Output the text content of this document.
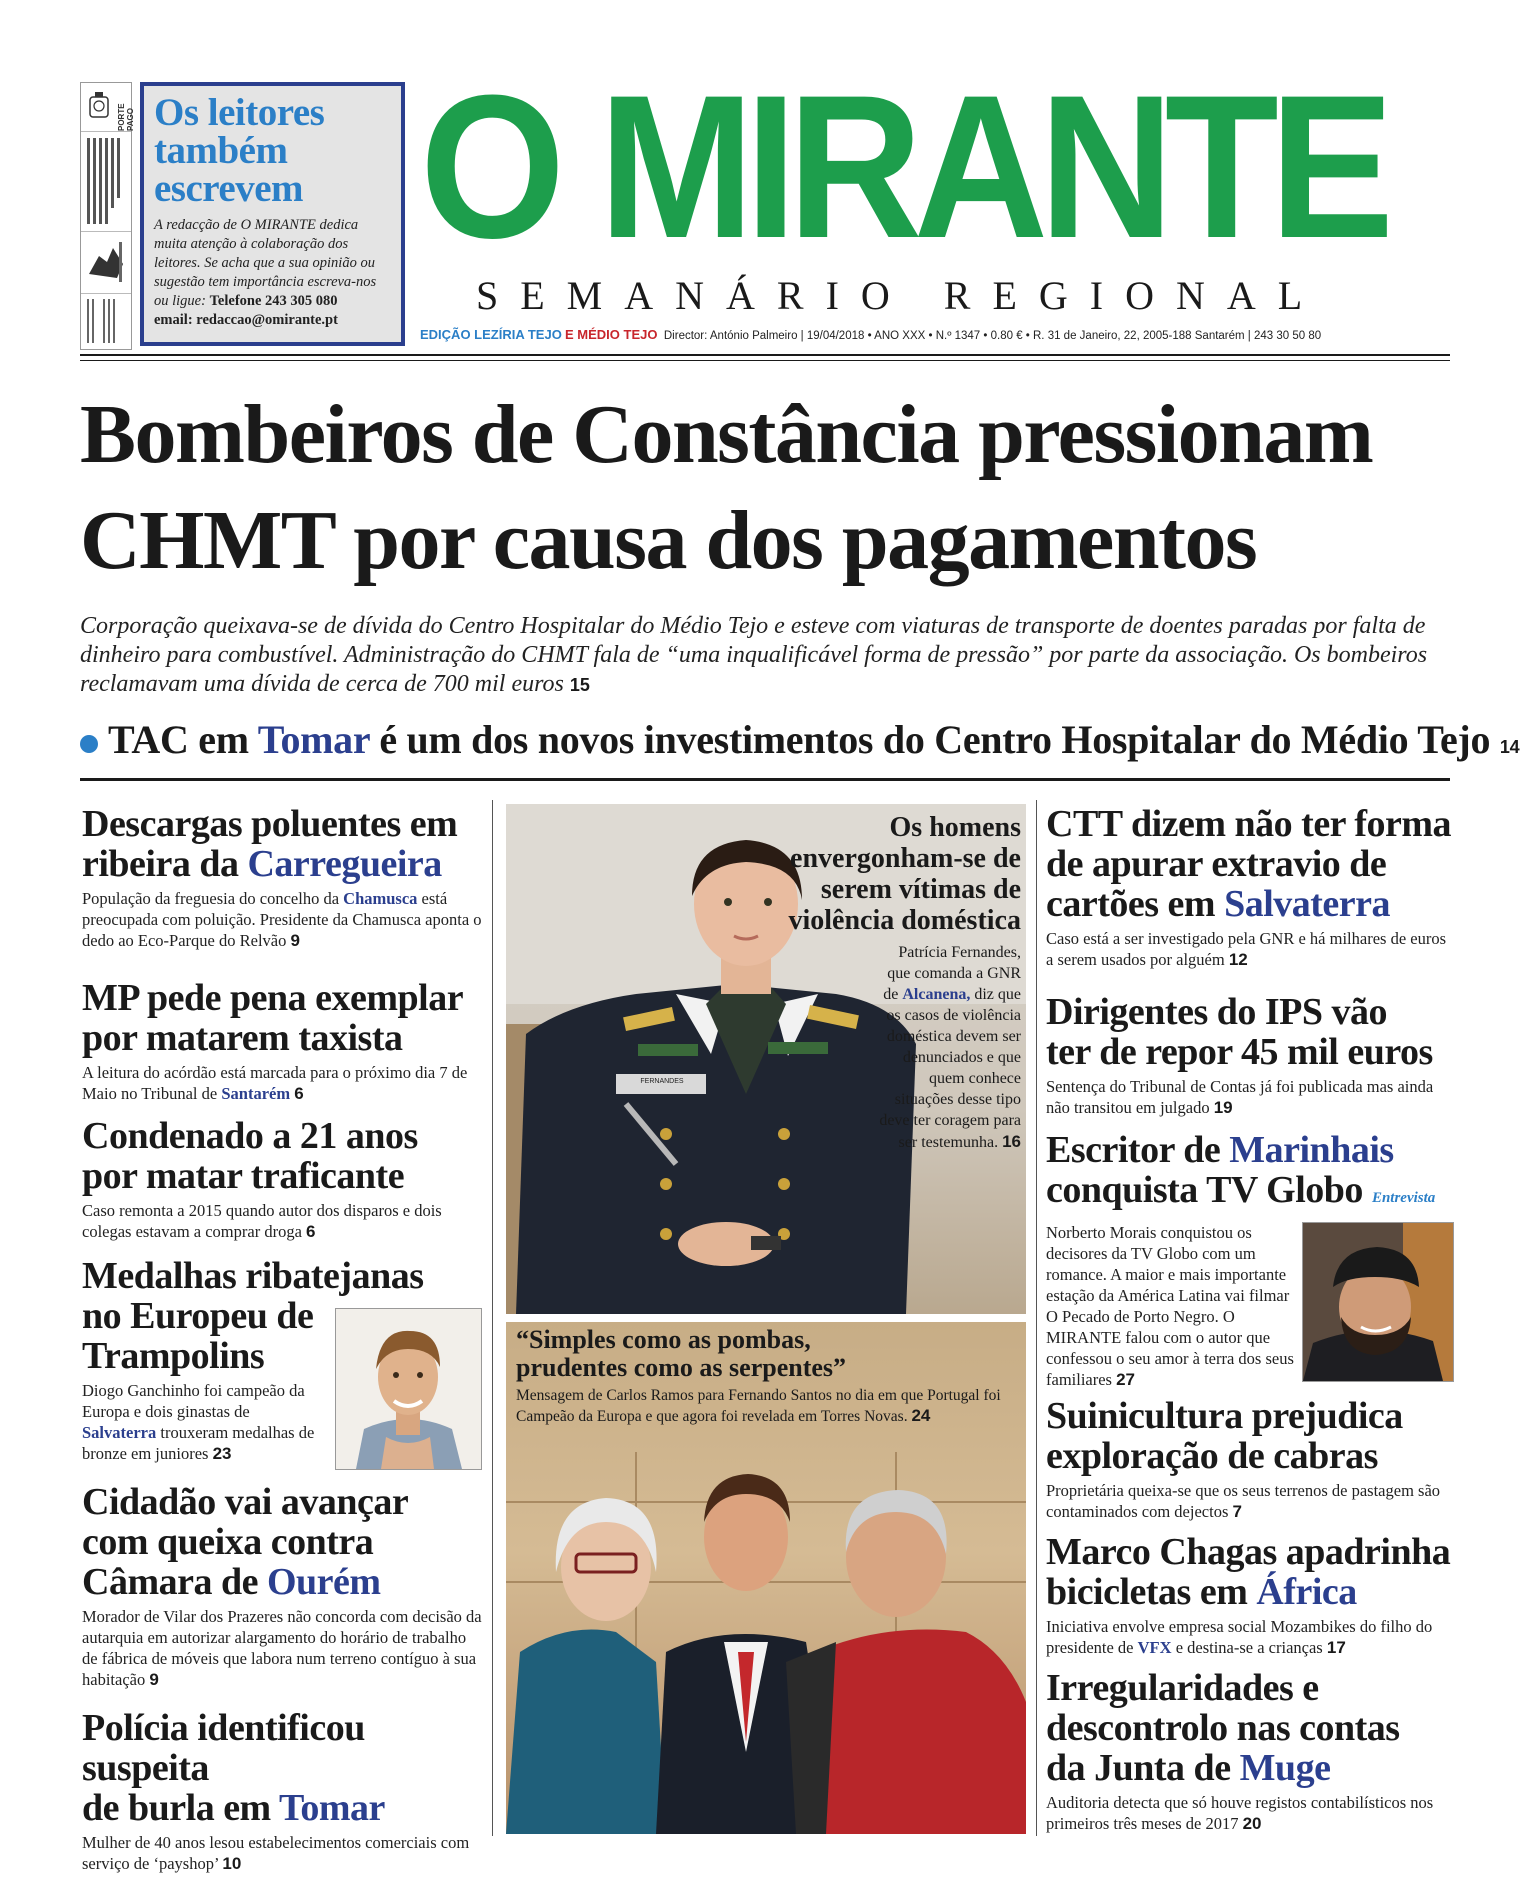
PORTE PAGO Os leitores
também
escrevem
A redacção de O MIRANTE dedica muita atenção à colaboração dos leitores. Se acha que a sua opinião ou sugestão tem importância escreva-nos ou ligue: Telefone 243 305 080
email: redaccao@omirante.pt
O MIRANTE
SEMANÁRIO REGIONAL
EDIÇÃO LEZÍRIA TEJO E MÉDIO TEJO Director: António Palmeiro | 19/04/2018 • ANO XXX • N.º 1347 • 0.80 € • R. 31 de Janeiro, 22, 2005-188 Santarém | 243 30 50 80
Bombeiros de Constância pressionam
CHMT por causa dos pagamentos
Corporação queixava-se de dívida do Centro Hospitalar do Médio Tejo e esteve com viaturas de transporte de doentes paradas por falta de dinheiro para combustível. Administração do CHMT fala de “uma inqualificável forma de pressão” por parte da associação. Os bombeiros reclamavam uma dívida de cerca de 700 mil euros 15
TAC em Tomar é um dos novos investimentos do Centro Hospitalar do Médio Tejo 14
Descargas poluentes em
ribeira da Carregueira
População da freguesia do concelho da Chamusca está preocupada com poluição. Presidente da Chamusca aponta o dedo ao Eco-Parque do Relvão 9
MP pede pena exemplar
por matarem taxista
A leitura do acórdão está marcada para o próximo dia 7 de Maio no Tribunal de Santarém 6
Condenado a 21 anos
por matar traficante
Caso remonta a 2015 quando autor dos disparos e dois colegas estavam a comprar droga 6
Medalhas ribatejanas
no Europeu de
Trampolins
Diogo Ganchinho foi campeão da Europa e dois ginastas de Salvaterra trouxeram medalhas de bronze em juniores 23
Cidadão vai avançar
com queixa contra
Câmara de Ourém
Morador de Vilar dos Prazeres não concorda com decisão da autarquia em autorizar alargamento do horário de trabalho de fábrica de móveis que labora num terreno contíguo à sua habitação 9
Polícia identificou suspeita
de burla em Tomar
Mulher de 40 anos lesou estabelecimentos comerciais com serviço de ‘payshop’ 10
FERNANDES
Os homens envergonham-se de serem vítimas de violência doméstica
Patrícia Fernandes, que comanda a GNR de Alcanena, diz que os casos de violência doméstica devem ser denunciados e que quem conhece situações desse tipo deve ter coragem para ser testemunha. 16
“Simples como as pombas,
prudentes como as serpentes”
Mensagem de Carlos Ramos para Fernando Santos no dia em que Portugal foi Campeão da Europa e que agora foi revelada em Torres Novas. 24
CTT dizem não ter forma
de apurar extravio de
cartões em Salvaterra
Caso está a ser investigado pela GNR e há milhares de euros a serem usados por alguém 12
Dirigentes do IPS vão
ter de repor 45 mil euros
Sentença do Tribunal de Contas já foi publicada mas ainda não transitou em julgado 19
Escritor de Marinhais
conquista TV Globo Entrevista
Norberto Morais conquistou os decisores da TV Globo com um romance. A maior e mais importante estação da América Latina vai filmar O Pecado de Porto Negro. O MIRANTE falou com o autor que confessou o seu amor à terra dos seus familiares 27
Suinicultura prejudica
exploração de cabras
Proprietária queixa-se que os seus terrenos de pastagem são contaminados com dejectos 7
Marco Chagas apadrinha
bicicletas em África
Iniciativa envolve empresa social Mozambikes do filho do presidente de VFX e destina-se a crianças 17
Irregularidades e
descontrolo nas contas
da Junta de Muge
Auditoria detecta que só houve registos contabilísticos nos primeiros três meses de 2017 20
